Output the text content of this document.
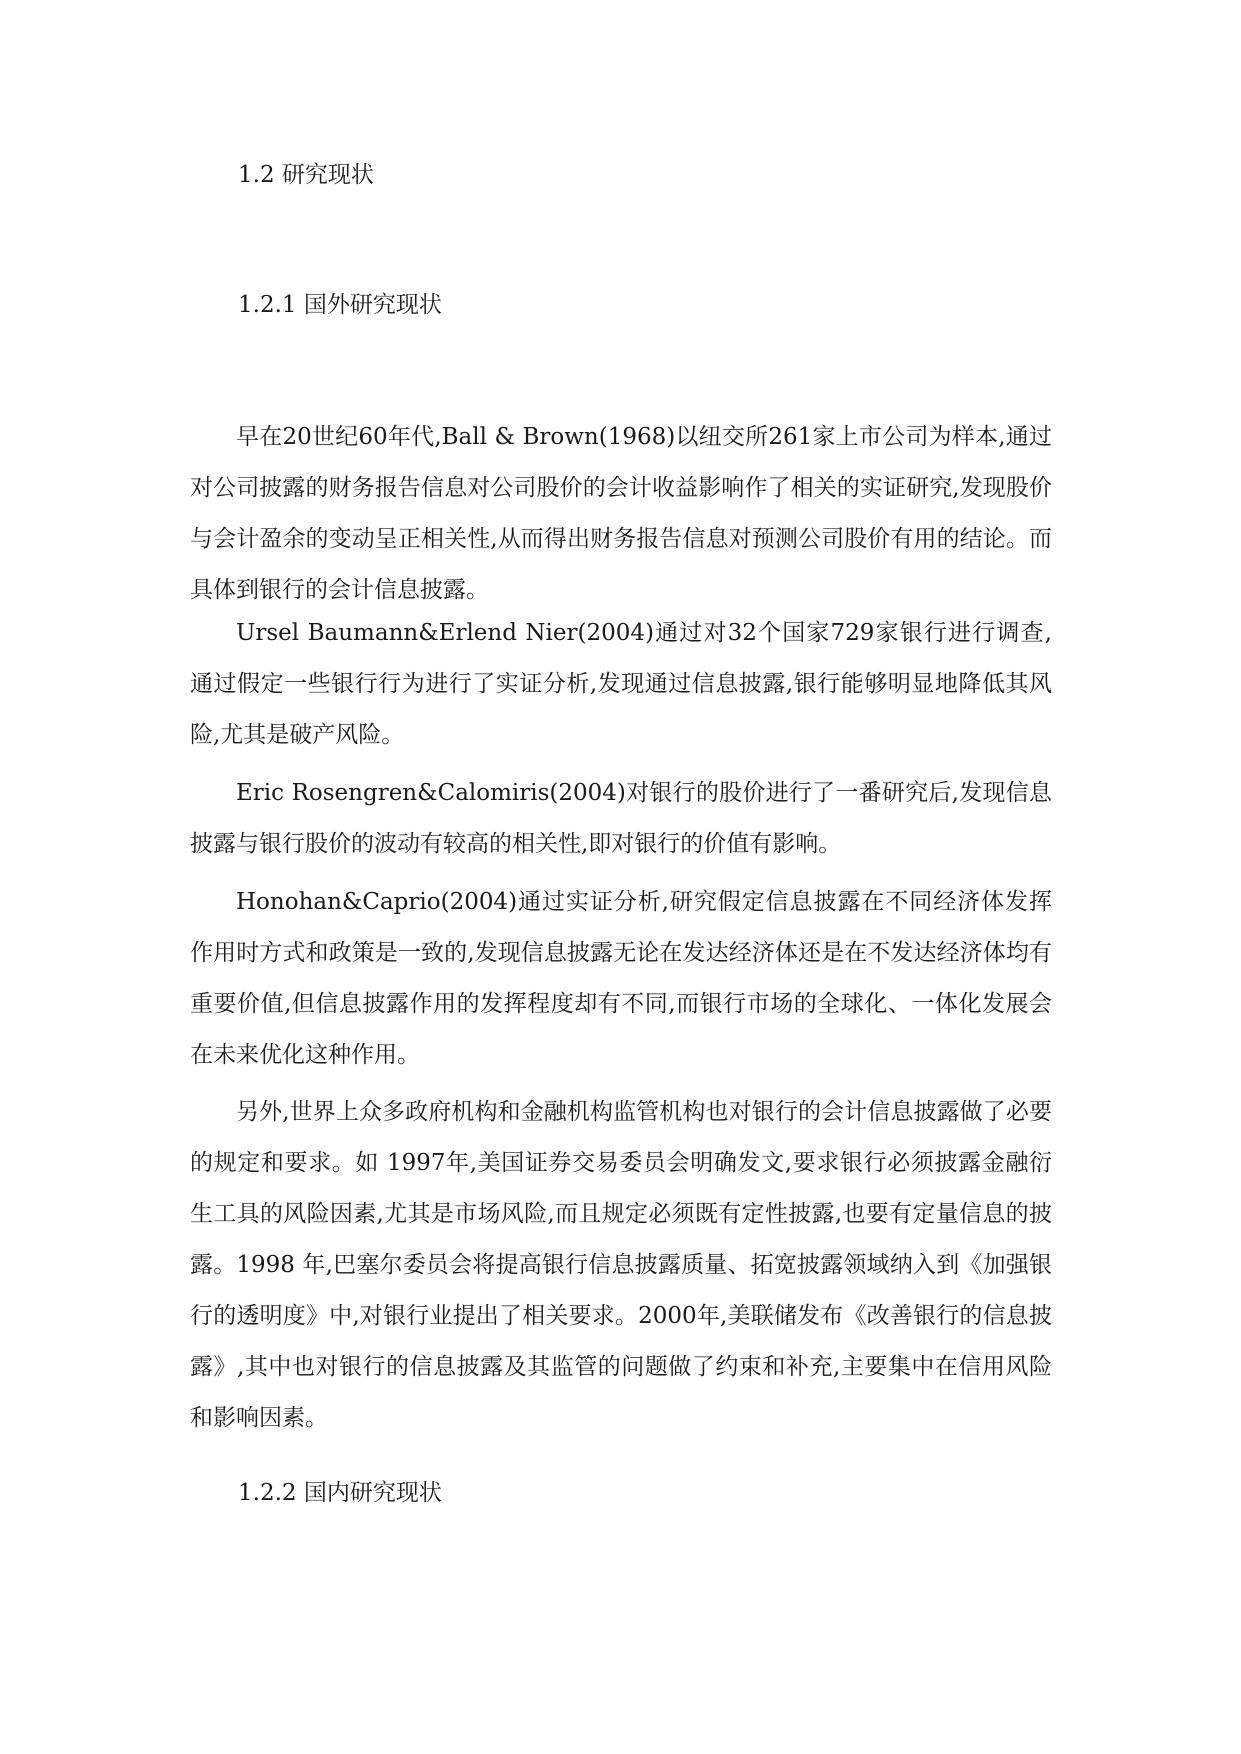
1.2 研究现状
1.2.1 国外研究现状

早在20世纪60年代,Ball & Brown(1968)以纽交所261家上市公司为样本,通过对公司披露的财务报告信息对公司股价的会计收益影响作了相关的实证研究,发现股价与会计盈余的变动呈正相关性,从而得出财务报告信息对预测公司股价有用的结论。而具体到银行的会计信息披露。

Ursel Baumann&Erlend Nier(2004)通过对32个国家729家银行进行调查,通过假定一些银行行为进行了实证分析,发现通过信息披露,银行能够明显地降低其风险,尤其是破产风险。

Eric Rosengren&Calomiris(2004)对银行的股价进行了一番研究后,发现信息披露与银行股价的波动有较高的相关性,即对银行的价值有影响。

Honohan&Caprio(2004)通过实证分析,研究假定信息披露在不同经济体发挥作用时方式和政策是一致的,发现信息披露无论在发达经济体还是在不发达经济体均有重要价值,但信息披露作用的发挥程度却有不同,而银行市场的全球化、一体化发展会在未来优化这种作用。

另外,世界上众多政府机构和金融机构监管机构也对银行的会计信息披露做了必要的规定和要求。如 1997年,美国证券交易委员会明确发文,要求银行必须披露金融衍生工具的风险因素,尤其是市场风险,而且规定必须既有定性披露,也要有定量信息的披露。1998 年,巴塞尔委员会将提高银行信息披露质量、拓宽披露领域纳入到《加强银行的透明度》中,对银行业提出了相关要求。2000年,美联储发布《改善银行的信息披露》,其中也对银行的信息披露及其监管的问题做了约束和补充,主要集中在信用风险和影响因素。

1.2.2 国内研究现状
